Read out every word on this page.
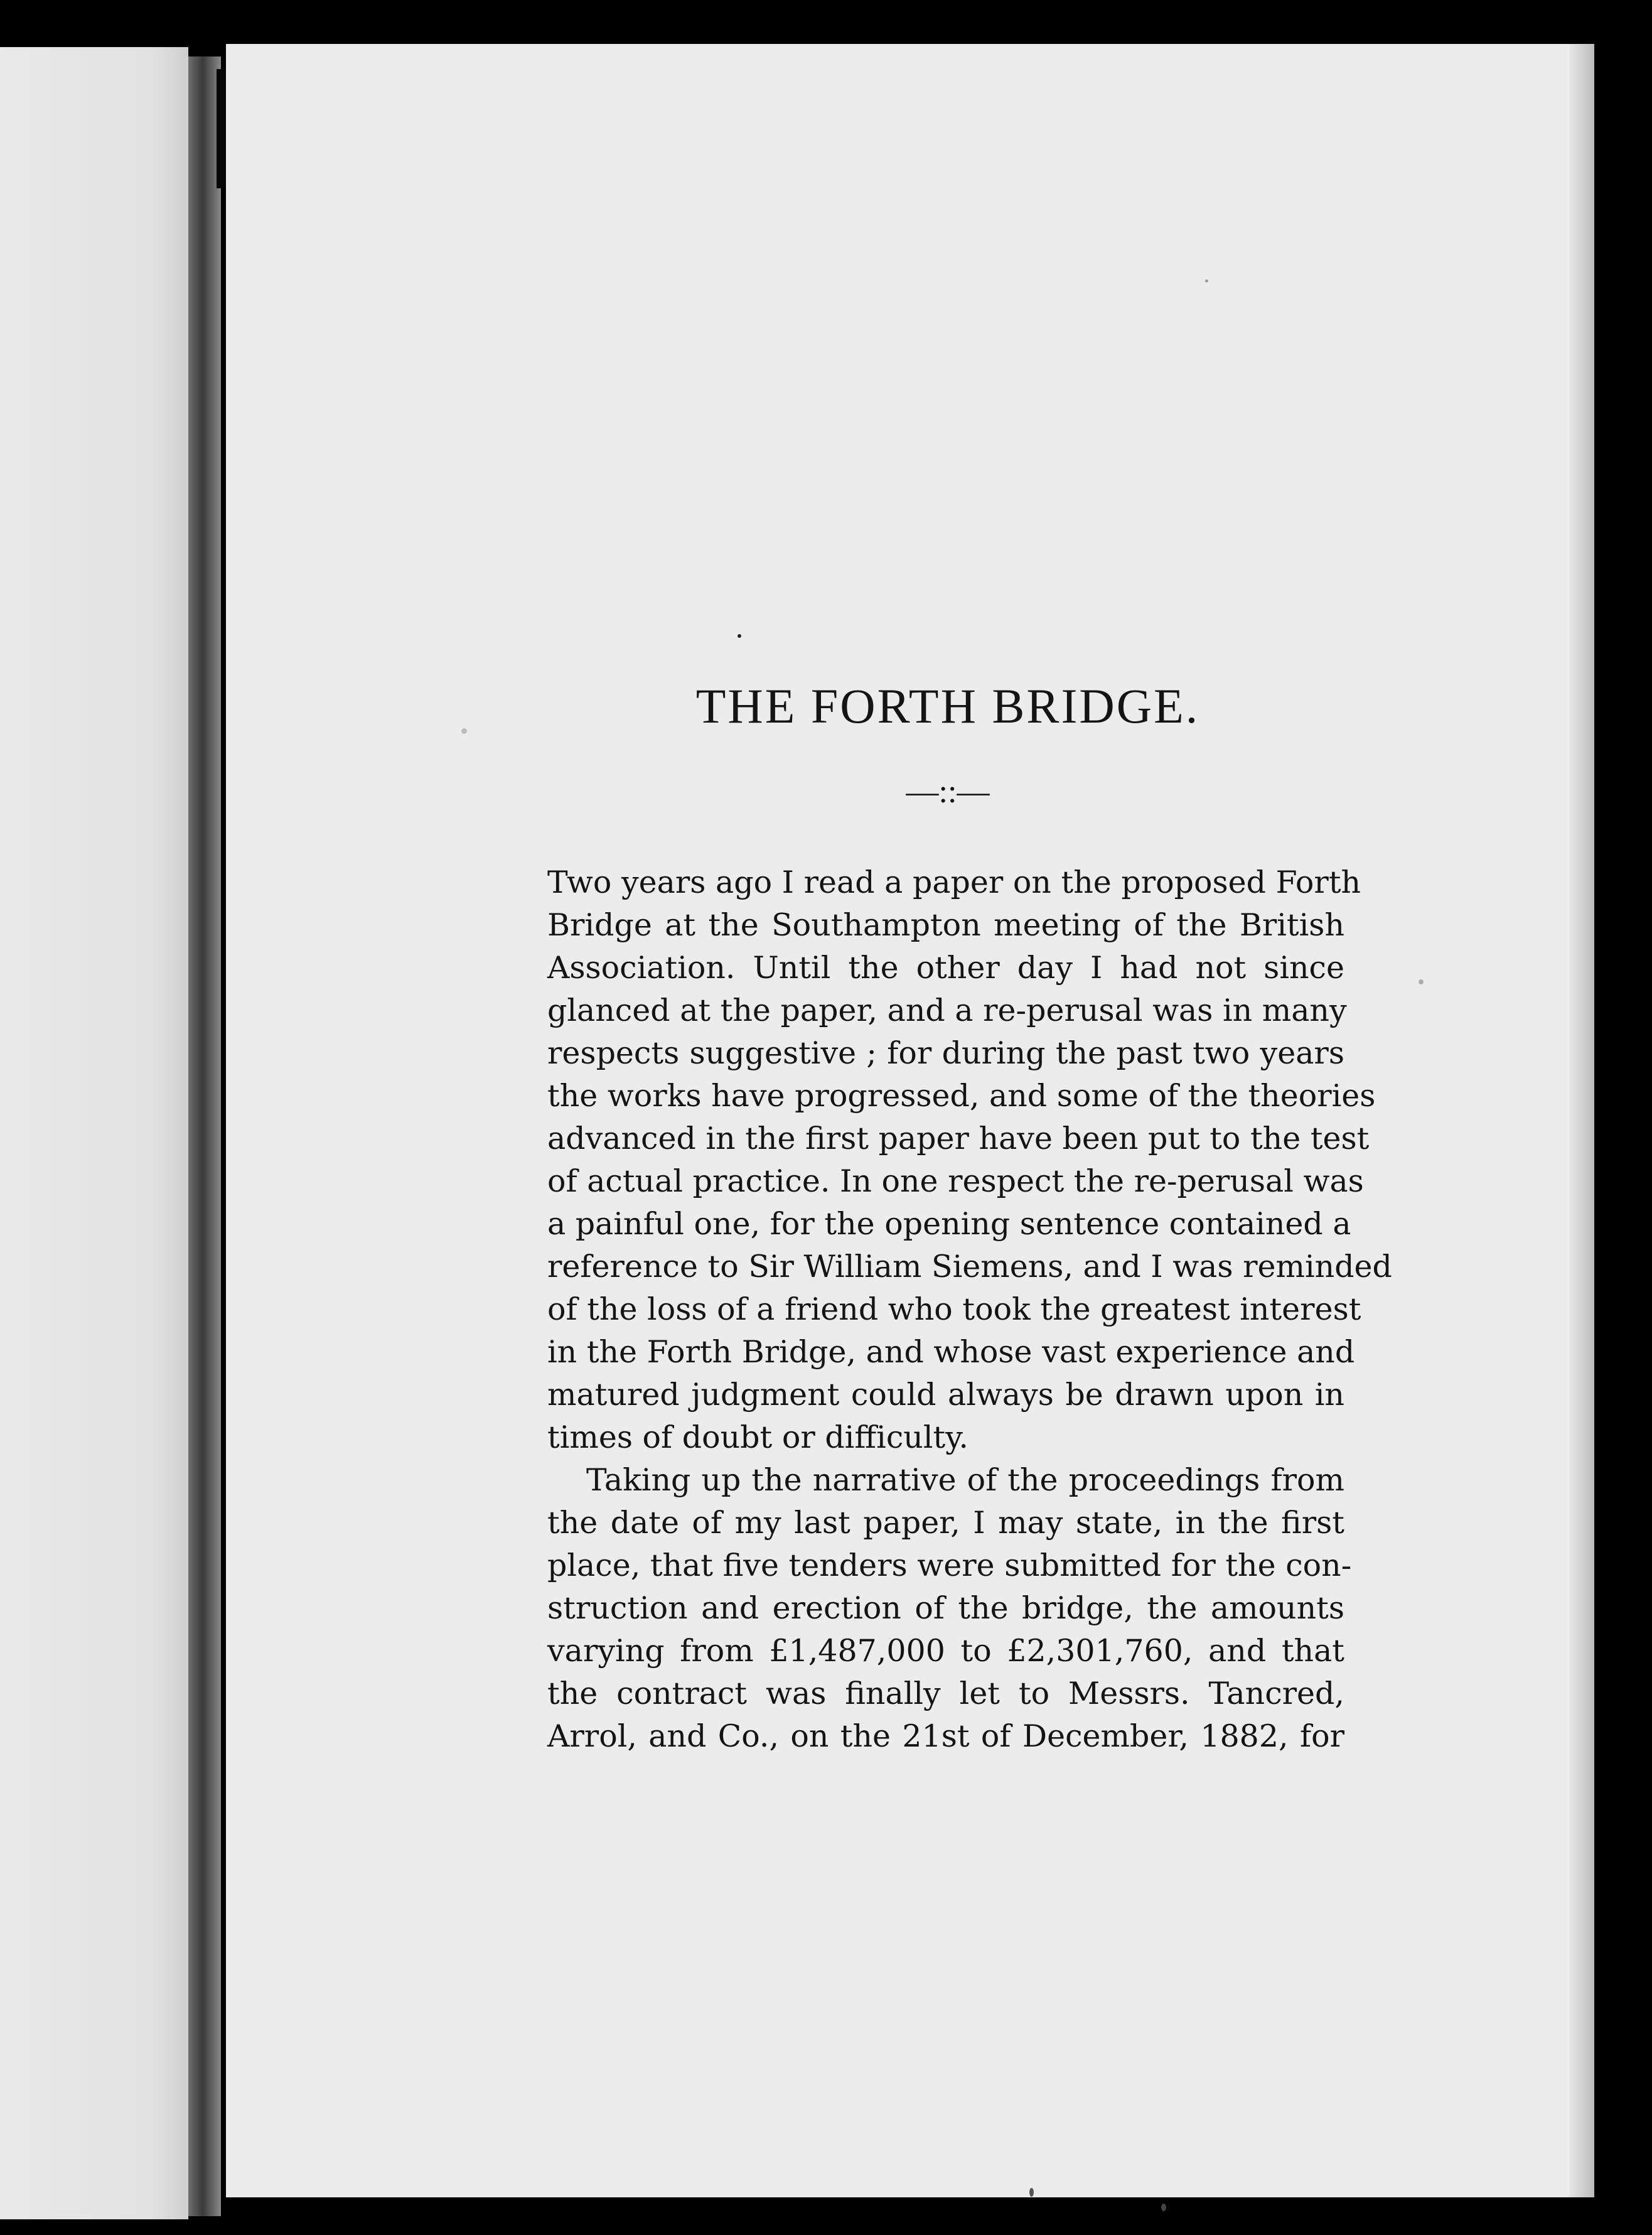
THE FORTH BRIDGE.
—::—
Two years ago I read a paper on the proposed Forth
Bridge at the Southampton meeting of the British
Association. Until the other day I had not since
glanced at the paper, and a re-perusal was in many
respects suggestive ; for during the past two years
the works have progressed, and some of the theories
advanced in the first paper have been put to the test
of actual practice. In one respect the re-perusal was
a painful one, for the opening sentence contained a
reference to Sir William Siemens, and I was reminded
of the loss of a friend who took the greatest interest
in the Forth Bridge, and whose vast experience and
matured judgment could always be drawn upon in
times of doubt or difficulty.
Taking up the narrative of the proceedings from
the date of my last paper, I may state, in the first
place, that five tenders were submitted for the con-
struction and erection of the bridge, the amounts
varying from £1,487,000 to £2,301,760, and that
the contract was finally let to Messrs. Tancred,
Arrol, and Co., on the 21st of December, 1882, for
